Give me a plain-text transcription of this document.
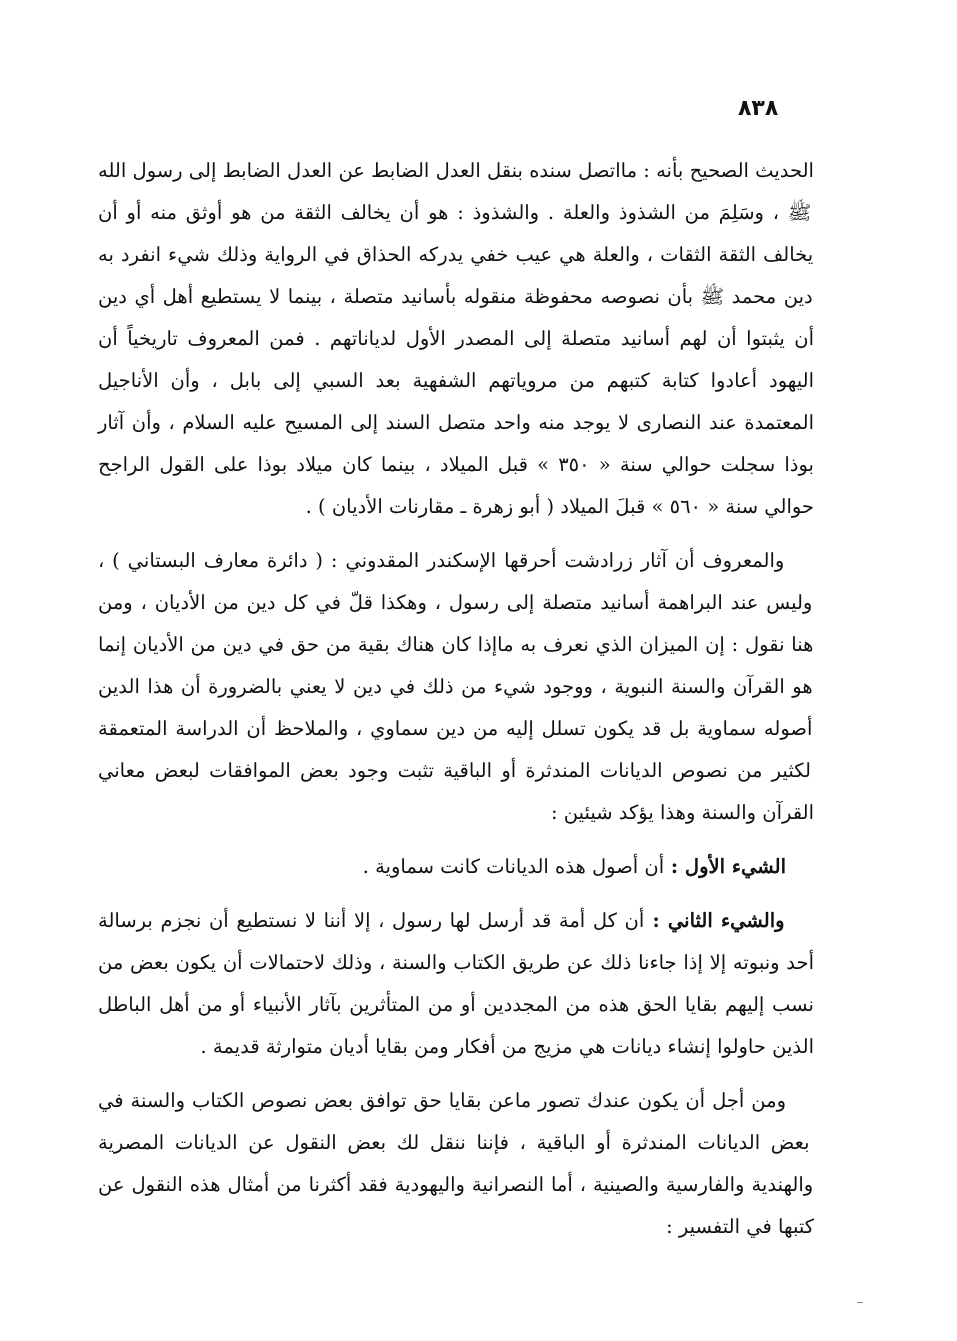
٨٣٨

الحديث الصحيح بأنه : مااتصل سنده بنقل العدل الضابط عن العدل الضابط إلى رسول الله ﷺ ، وسَلِمَ من الشذوذ والعلة . والشذوذ : هو أن يخالف الثقة من هو أوثق منه أو أن يخالف الثقة الثقات ، والعلة هي عيب خفي يدركه الحذاق في الرواية وذلك شيء انفرد به دين محمد ﷺ بأن نصوصه محفوظة منقوله بأسانيد متصلة ، بينما لا يستطيع أهل أي دين أن يثبتوا أن لهم أسانيد متصلة إلى المصدر الأول لدياناتهم . فمن المعروف تاريخياً أن اليهود أعادوا كتابة كتبهم من مروياتهم الشفهية بعد السبي إلى بابل ، وأن الأناجيل المعتمدة عند النصارى لا يوجد منه واحد متصل السند إلى المسيح عليه السلام ، وأن آثار بوذا سجلت حوالي سنة « ٣٥٠ » قبل الميلاد ، بينما كان ميلاد بوذا على القول الراجح حوالي سنة « ٥٦٠ » قبلَ الميلاد ( أبو زهرة ـ مقارنات الأديان ) .

والمعروف أن آثار زرادشت أحرقها الإسكندر المقدوني : ( دائرة معارف البستاني ) ، وليس عند البراهمة أسانيد متصلة إلى رسول ، وهكذا قلّ في كل دين من الأديان ، ومن هنا نقول : إن الميزان الذي نعرف به ماإذا كان هناك بقية من حق في دين من الأديان إنما هو القرآن والسنة النبوية ، ووجود شيء من ذلك في دين لا يعني بالضرورة أن هذا الدين أصوله سماوية بل قد يكون تسلل إليه من دين سماوي ، والملاحظ أن الدراسة المتعمقة لكثير من نصوص الديانات المندثرة أو الباقية تثبت وجود بعض الموافقات لبعض معاني القرآن والسنة وهذا يؤكد شيئين :

الشيء الأول : أن أصول هذه الديانات كانت سماوية .

والشيء الثاني : أن كل أمة قد أرسل لها رسول ، إلا أننا لا نستطيع أن نجزم برسالة أحد ونبوته إلا إذا جاءنا ذلك عن طريق الكتاب والسنة ، وذلك لاحتمالات أن يكون بعض من نسب إليهم بقايا الحق هذه من المجددين أو من المتأثرين بآثار الأنبياء أو من أهل الباطل الذين حاولوا إنشاء ديانات هي مزيج من أفكار ومن بقايا أديان متوارثة قديمة .

ومن أجل أن يكون عندك تصور ماعن بقايا حق توافق بعض نصوص الكتاب والسنة في بعض الديانات المندثرة أو الباقية ، فإننا ننقل لك بعض النقول عن الديانات المصرية والهندية والفارسية والصينية ، أما النصرانية واليهودية فقد أكثرنا من أمثال هذه النقول عن كتبها في التفسير :
